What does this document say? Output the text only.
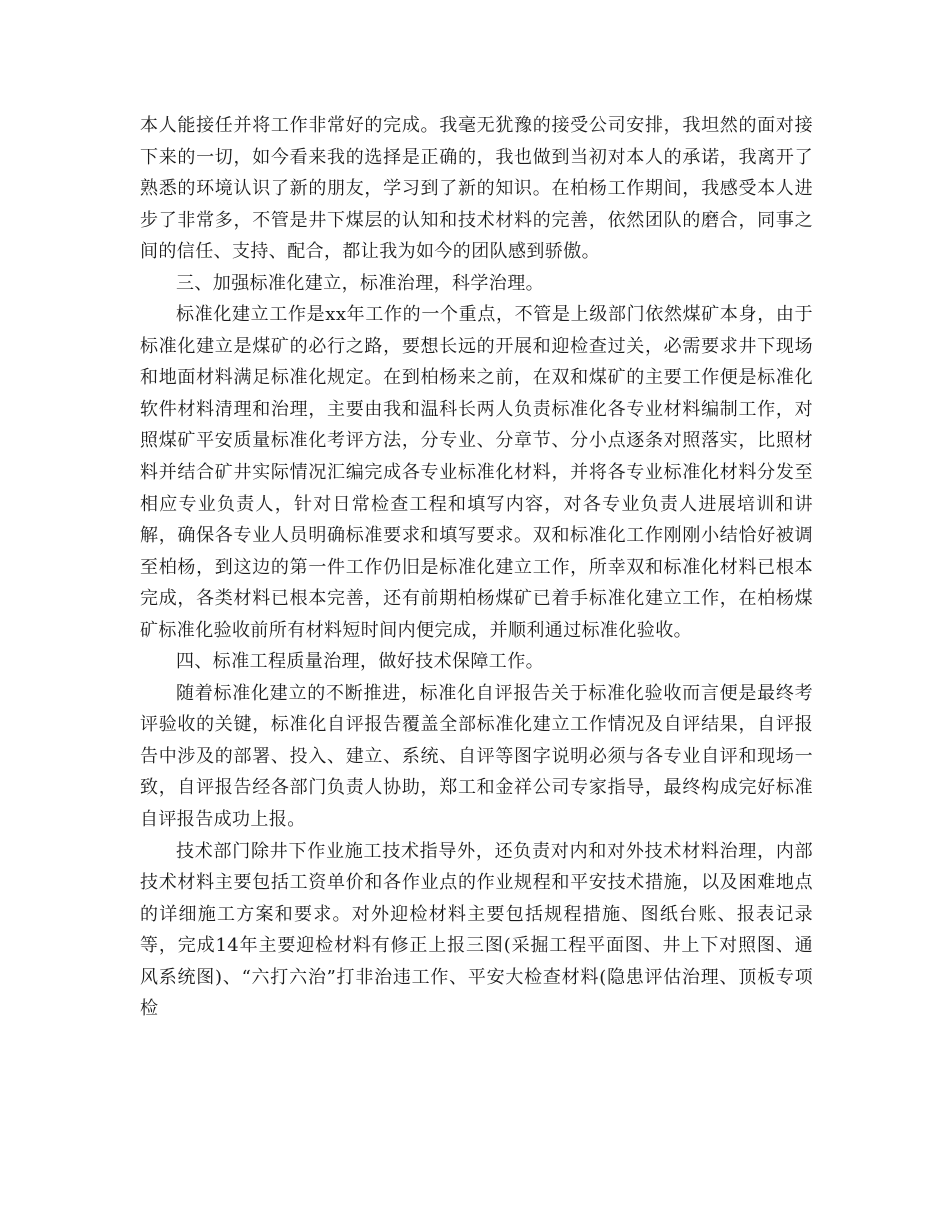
本人能接任并将工作非常好的完成。我毫无犹豫的接受公司安排，我坦然的面对接下来的一切，如今看来我的选择是正确的，我也做到当初对本人的承诺，我离开了熟悉的环境认识了新的朋友，学习到了新的知识。在柏杨工作期间，我感受本人进步了非常多，不管是井下煤层的认知和技术材料的完善，依然团队的磨合，同事之间的信任、支持、配合，都让我为如今的团队感到骄傲。

三、加强标准化建立，标准治理，科学治理。

标准化建立工作是xx年工作的一个重点，不管是上级部门依然煤矿本身，由于标准化建立是煤矿的必行之路，要想长远的开展和迎检查过关，必需要求井下现场和地面材料满足标准化规定。在到柏杨来之前，在双和煤矿的主要工作便是标准化软件材料清理和治理，主要由我和温科长两人负责标准化各专业材料编制工作，对照煤矿平安质量标准化考评方法，分专业、分章节、分小点逐条对照落实，比照材料并结合矿井实际情况汇编完成各专业标准化材料，并将各专业标准化材料分发至相应专业负责人，针对日常检查工程和填写内容，对各专业负责人进展培训和讲解，确保各专业人员明确标准要求和填写要求。双和标准化工作刚刚小结恰好被调至柏杨，到这边的第一件工作仍旧是标准化建立工作，所幸双和标准化材料已根本完成，各类材料已根本完善，还有前期柏杨煤矿已着手标准化建立工作，在柏杨煤矿标准化验收前所有材料短时间内便完成，并顺利通过标准化验收。

四、标准工程质量治理，做好技术保障工作。

随着标准化建立的不断推进，标准化自评报告关于标准化验收而言便是最终考评验收的关键，标准化自评报告覆盖全部标准化建立工作情况及自评结果，自评报告中涉及的部署、投入、建立、系统、自评等图字说明必须与各专业自评和现场一致，自评报告经各部门负责人协助，郑工和金祥公司专家指导，最终构成完好标准自评报告成功上报。

技术部门除井下作业施工技术指导外，还负责对内和对外技术材料治理，内部技术材料主要包括工资单价和各作业点的作业规程和平安技术措施，以及困难地点的详细施工方案和要求。对外迎检材料主要包括规程措施、图纸台账、报表记录等，完成14年主要迎检材料有修正上报三图(采掘工程平面图、井上下对照图、通风系统图)、“六打六治”打非治违工作、平安大检查材料(隐患评估治理、顶板专项检
